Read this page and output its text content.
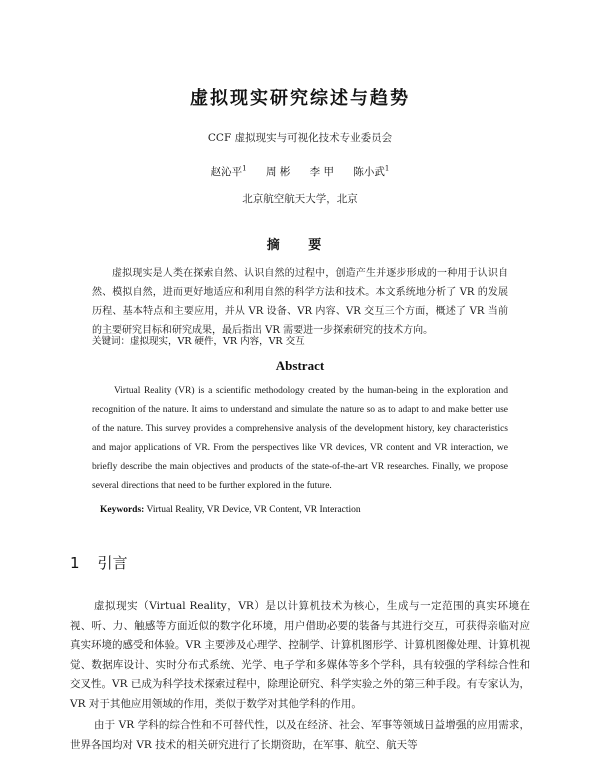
虚拟现实研究综述与趋势
CCF 虚拟现实与可视化技术专业委员会
赵沁平$^1$ 周 彬 李 甲 陈小武$^1$
北京航空航天大学，北京
摘 要
虚拟现实是人类在探索自然、认识自然的过程中，创造产生并逐步形成的一种用于认识自然、模拟自然，进而更好地适应和利用自然的科学方法和技术。本文系统地分析了 VR 的发展历程、基本特点和主要应用，并从 VR 设备、VR 内容、VR 交互三个方面，概述了 VR 当前的主要研究目标和研究成果，最后指出 VR 需要进一步探索研究的技术方向。
关键词：虚拟现实，VR 硬件，VR 内容，VR 交互
Abstract
Virtual Reality (VR) is a scientific methodology created by the human-being in the exploration and recognition of the nature. It aims to understand and simulate the nature so as to adapt to and make better use of the nature. This survey provides a comprehensive analysis of the development history, key characteristics and major applications of VR. From the perspectives like VR devices, VR content and VR interaction, we briefly describe the main objectives and products of the state-of-the-art VR researches. Finally, we propose several directions that need to be further explored in the future.
Keywords: Virtual Reality, VR Device, VR Content, VR Interaction
1 引言
虚拟现实（Virtual Reality，VR）是以计算机技术为核心，生成与一定范围的真实环境在视、听、力、触感等方面近似的数字化环境，用户借助必要的装备与其进行交互，可获得亲临对应真实环境的感受和体验。VR 主要涉及心理学、控制学、计算机图形学、计算机图像处理、计算机视觉、数据库设计、实时分布式系统、光学、电子学和多媒体等多个学科，具有较强的学科综合性和交叉性。VR 已成为科学技术探索过程中，除理论研究、科学实验之外的第三种手段。有专家认为，VR 对于其他应用领域的作用，类似于数学对其他学科的作用。
由于 VR 学科的综合性和不可替代性，以及在经济、社会、军事等领域日益增强的应用需求，世界各国均对 VR 技术的相关研究进行了长期资助，在军事、航空、航天等
